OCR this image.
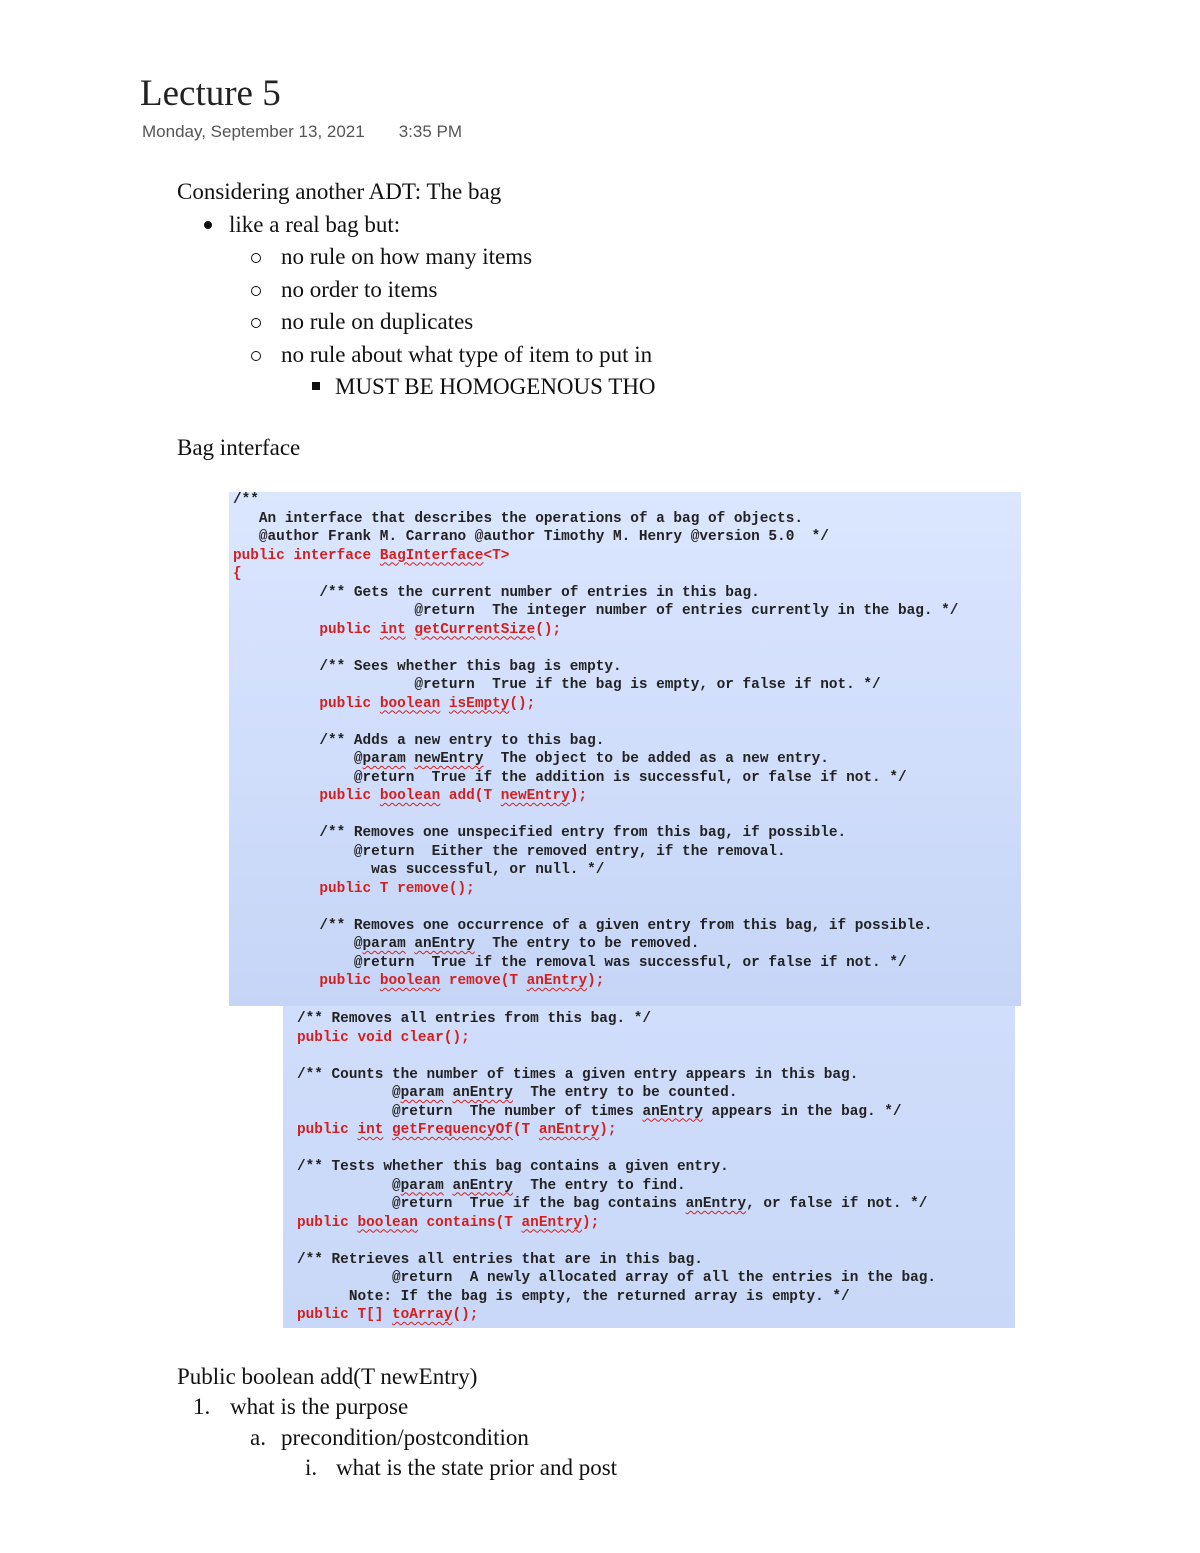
Lecture 5
Monday, September 13, 2021 3:35 PM
Considering another ADT: The bag
like a real bag but:
no rule on how many items
no order to items
no rule on duplicates
no rule about what type of item to put in
MUST BE HOMOGENOUS THO
Bag interface
/**
An interface that describes the operations of a bag of objects.
@author Frank M. Carrano @author Timothy M. Henry @version 5.0  */
public interface BagInterface<T>
{
/** Gets the current number of entries in this bag.
@return  The integer number of entries currently in the bag. */
public int getCurrentSize();

/** Sees whether this bag is empty.
@return  True if the bag is empty, or false if not. */
public boolean isEmpty();

/** Adds a new entry to this bag.
@param newEntry  The object to be added as a new entry.
@return  True if the addition is successful, or false if not. */
public boolean add(T newEntry);

/** Removes one unspecified entry from this bag, if possible.
@return  Either the removed entry, if the removal.
was successful, or null. */
public T remove();

/** Removes one occurrence of a given entry from this bag, if possible.
@param anEntry  The entry to be removed.
@return  True if the removal was successful, or false if not. */
public boolean remove(T anEntry);
/** Removes all entries from this bag. */
public void clear();

/** Counts the number of times a given entry appears in this bag.
@param anEntry  The entry to be counted.
@return  The number of times anEntry appears in the bag. */
public int getFrequencyOf(T anEntry);

/** Tests whether this bag contains a given entry.
@param anEntry  The entry to find.
@return  True if the bag contains anEntry, or false if not. */
public boolean contains(T anEntry);

/** Retrieves all entries that are in this bag.
@return  A newly allocated array of all the entries in the bag.
Note: If the bag is empty, the returned array is empty. */
public T[] toArray();
Public boolean add(T newEntry)
1. what is the purpose
a. precondition/postcondition
i. what is the state prior and post
